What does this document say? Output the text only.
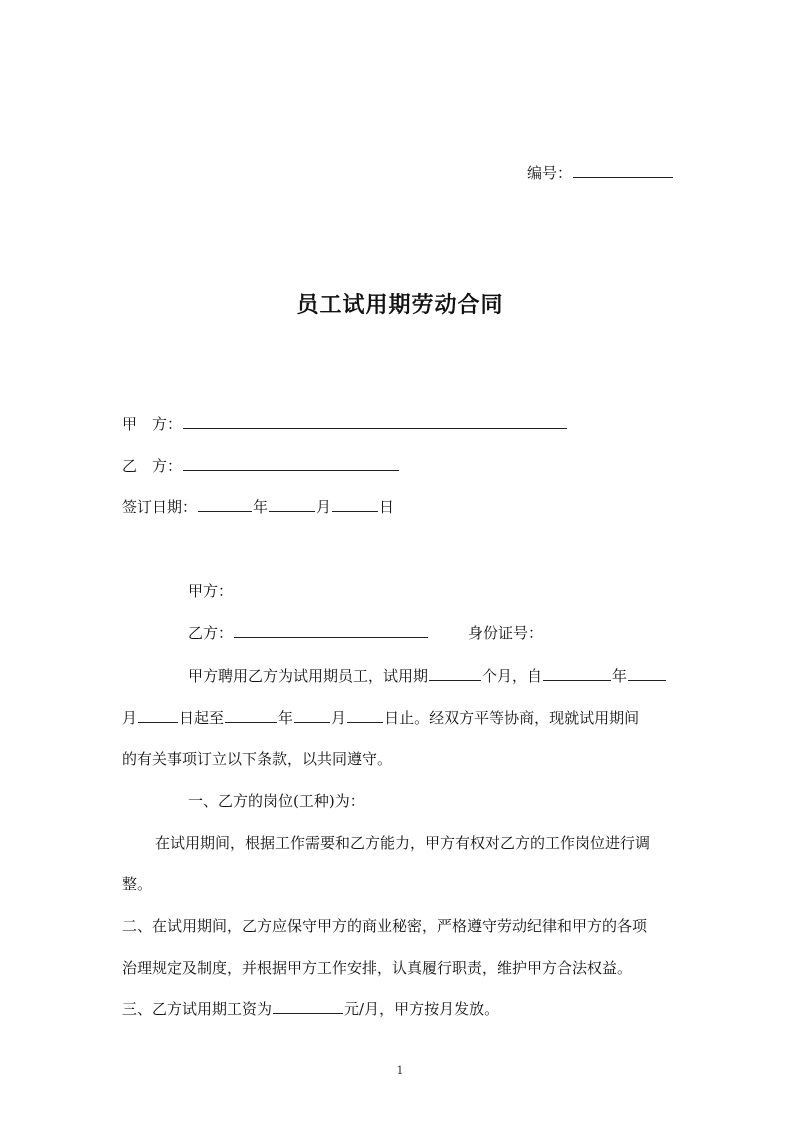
编号：
员工试用期劳动合同
甲　方：
乙　方：
签订日期：	年	月	日
甲方：
乙方：	身份证号：
甲方聘用乙方为试用期员工，试用期	个月，自	年
月	日起至	年	月	日止。经双方平等协商，现就试用期间
的有关事项订立以下条款，以共同遵守。
一、乙方的岗位(工种)为：
在试用期间，根据工作需要和乙方能力，甲方有权对乙方的工作岗位进行调
整。
二、在试用期间，乙方应保守甲方的商业秘密，严格遵守劳动纪律和甲方的各项
治理规定及制度，并根据甲方工作安排，认真履行职责，维护甲方合法权益。
三、乙方试用期工资为	元/月，甲方按月发放。
1
